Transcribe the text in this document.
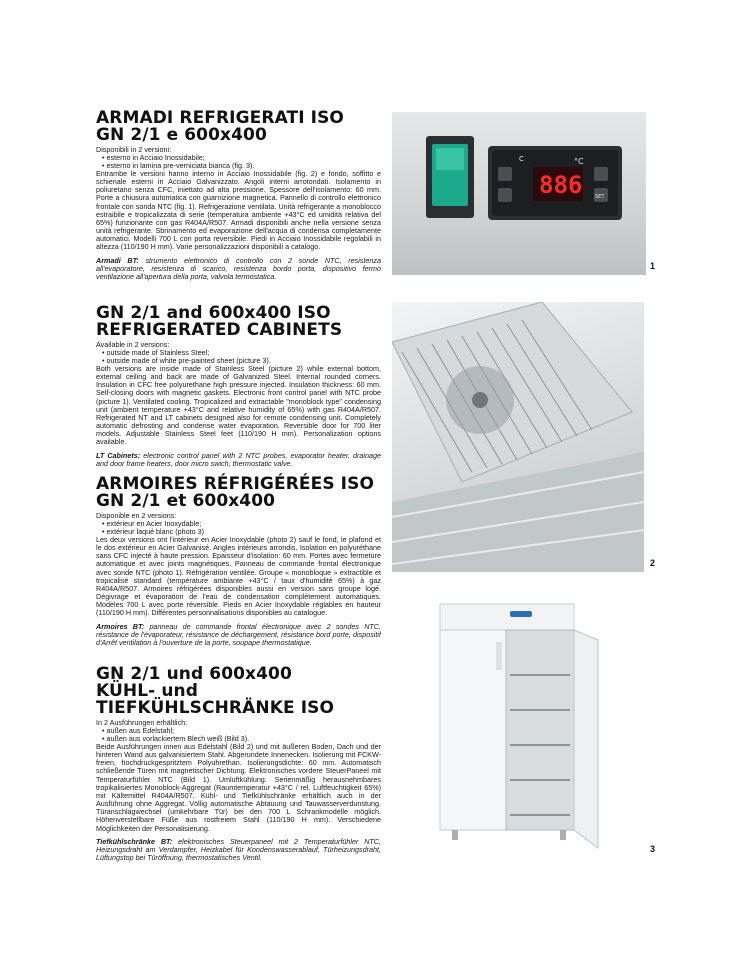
ARMADI REFRIGERATI ISO
GN 2/1 e 600x400
Disponibili in 2 versioni:
• esterno in Acciaio Inossidabile;
• esterno in lamina pre-verniciata bianca (fig. 3).

Entrambe le versioni hanno interno in Acciaio Inossidabile (fig. 2) e fondo, soffitto e schienale esterni in Acciaio Galvanizzato. Angoli interni arrotondati. Isolamento in poliuretano senza CFC, iniettato ad alta pressione. Spessore dell'isolamento: 60 mm. Porte a chiusura automatica con guarnizione magnetica. Pannello di controllo elettronico frontale con sonda NTC (fig. 1). Refrigerazione ventilata. Unità refrigerante a monoblocco estraibile e tropicalizzata di serie (temperatura ambiente +43°C ed umidità relativa del 65%) funzionante con gas R404A/R507. Armadi disponibili anche nella versione senza unità refrigerante. Sbrinamento ed evaporazione dell'acqua di condensa completamente automatici. Modelli 700 L con porta reversibile. Piedi in Acciaio Inossidabile regolabili in altezza (110/190 H mm). Varie personalizzazioni disponibili a catalogo.

Armadi BT: strumento elettronico di controllo con 2 sonde NTC, resistenza all'evaporatore, resistenza di scarico, resistenza bordo porta, dispositivo fermo ventilazione all'apertura della porta, valvola termostatica.

GN 2/1 and 600x400 ISO
REFRIGERATED CABINETS
Available in 2 versions:
• outside made of Stainless Steel;
• outside made of white pre-painted sheet (picture 3).

Both versions are inside made of Stainless Steel (picture 2) while external bottom, external ceiling and back are made of Galvanized Steel. Internal rounded corners. Insulation in CFC free polyurethane high pressure injected. Insulation thickness: 60 mm. Self-closing doors with magnetic gaskets. Electronic front control panel with NTC probe (picture 1). Ventilated cooling. Tropicalized and extractable "monoblock type" condensing unit (ambient temperature +43°C and relative humidity of 65%) with gas R404A/R507. Refrigerated NT and LT cabinets designed also for remote condensing unit. Completely automatic defrosting and condense water evaporation. Reversible door for 700 liter models. Adjustable Stainless Steel feet (110/190 H mm). Personalization options available.

LT Cabinets: electronic control panel with 2 NTC probes, evaporator heater, drainage and door frame heaters, door micro swich, thermostatic valve.

ARMOIRES RÉFRIGÉRÉES ISO
GN 2/1 et 600x400
Disponible en 2 versions:
• extérieur en Acier Inoxydable;
• extérieur laqué blanc (photo 3)

Les deux versions ont l'intérieur en Acier Inoxydable (photo 2) sauf le fond, le plafond et le dos extérieur en Acier Galvanisé. Angles intérieurs arrondis. Isolation en polyuréthane sans CFC injecté à haute pression. Epaisseur d'isolation: 60 mm. Portes avec fermeture automatique et avec joints magnétiques. Panneau de commande frontal électronique avec sonde NTC (photo 1). Réfrigération ventilée. Groupe « monobloque » extractible et tropicalisé standard (température ambiante +43°C / taux d'humidité 65%) à gaz R404A/R507. Armoires réfrigérées disponibles aussi en version sans groupe logé. Dégivrage et évaporation de l'eau de condensation complètement automatiques. Modèles 700 L avec porte réversible. Pieds en Acier Inoxydable réglables en hauteur (110/190 H mm). Différentes personnalisations disponibles au catalogue.

Armoires BT: panneau de commande frontal électronique avec 2 sondes NTC, résistance de l'évaporateur, résistance de déchargement, résistance bord porte, dispositif d'Arrêt ventilation à l'ouverture de la porte, soupape thermostatique.

GN 2/1 und 600x400
KÜHL- und TIEFKÜHLSCHRÄNKE ISO
In 2 Ausführungen erhältlich:
• außen aus Edelstahl;
• außen aus vorlackiertem Blech weiß (Bild 3).

Beide Ausführungen innen aus Edelstahl (Bild 2) und mit äußeren Boden, Dach und der hinteren Wand aus galvanisiertem Stahl. Abgerundete Innenecken. Isolierung mit FCKW-freien, hochdruckgespritztem Polyuhrethan. Isolierungsdichte: 60 mm. Automatisch schließende Türen mit magnetischer Dichtung. Elektronisches vordere SteuerPaneel mit Temperaturfühler NTC (Bild 1). Umluftkühlung. Serienmäßig herausnehmbares tropikalisiertes Monoblock-Aggregat (Raumtemperatur +43°C / rel. Luftfeuchtigkeit 65%) mit Kältemittel R404A/R507. Kühl- und Tiefkühlschränke erhältlich auch in der Ausführung ohne Aggregat. Völlig automatische Abtauung und Tauwasserverdunstung. Türanschlagwechsel (umkehrbare Tür) bei den 700 L Schrankmodelle möglich. Höhenverstellbare Füße aus rostfreiem Stahl (110/190 H mm). Verschiedene Möglichkeiten der Personalisierung.

Tiefkühlschränke BT: elektronisches Steuerpaneel mit 2 Temperaturfühler NTC, Heizungsdraht am Verdampfer, Heizkabel für Kondenswasserablauf, Türheizungsdraht, Lüftungstop bei Türöffnung, thermostatisches Ventil.

886
°C
SET
C
1
2
3
